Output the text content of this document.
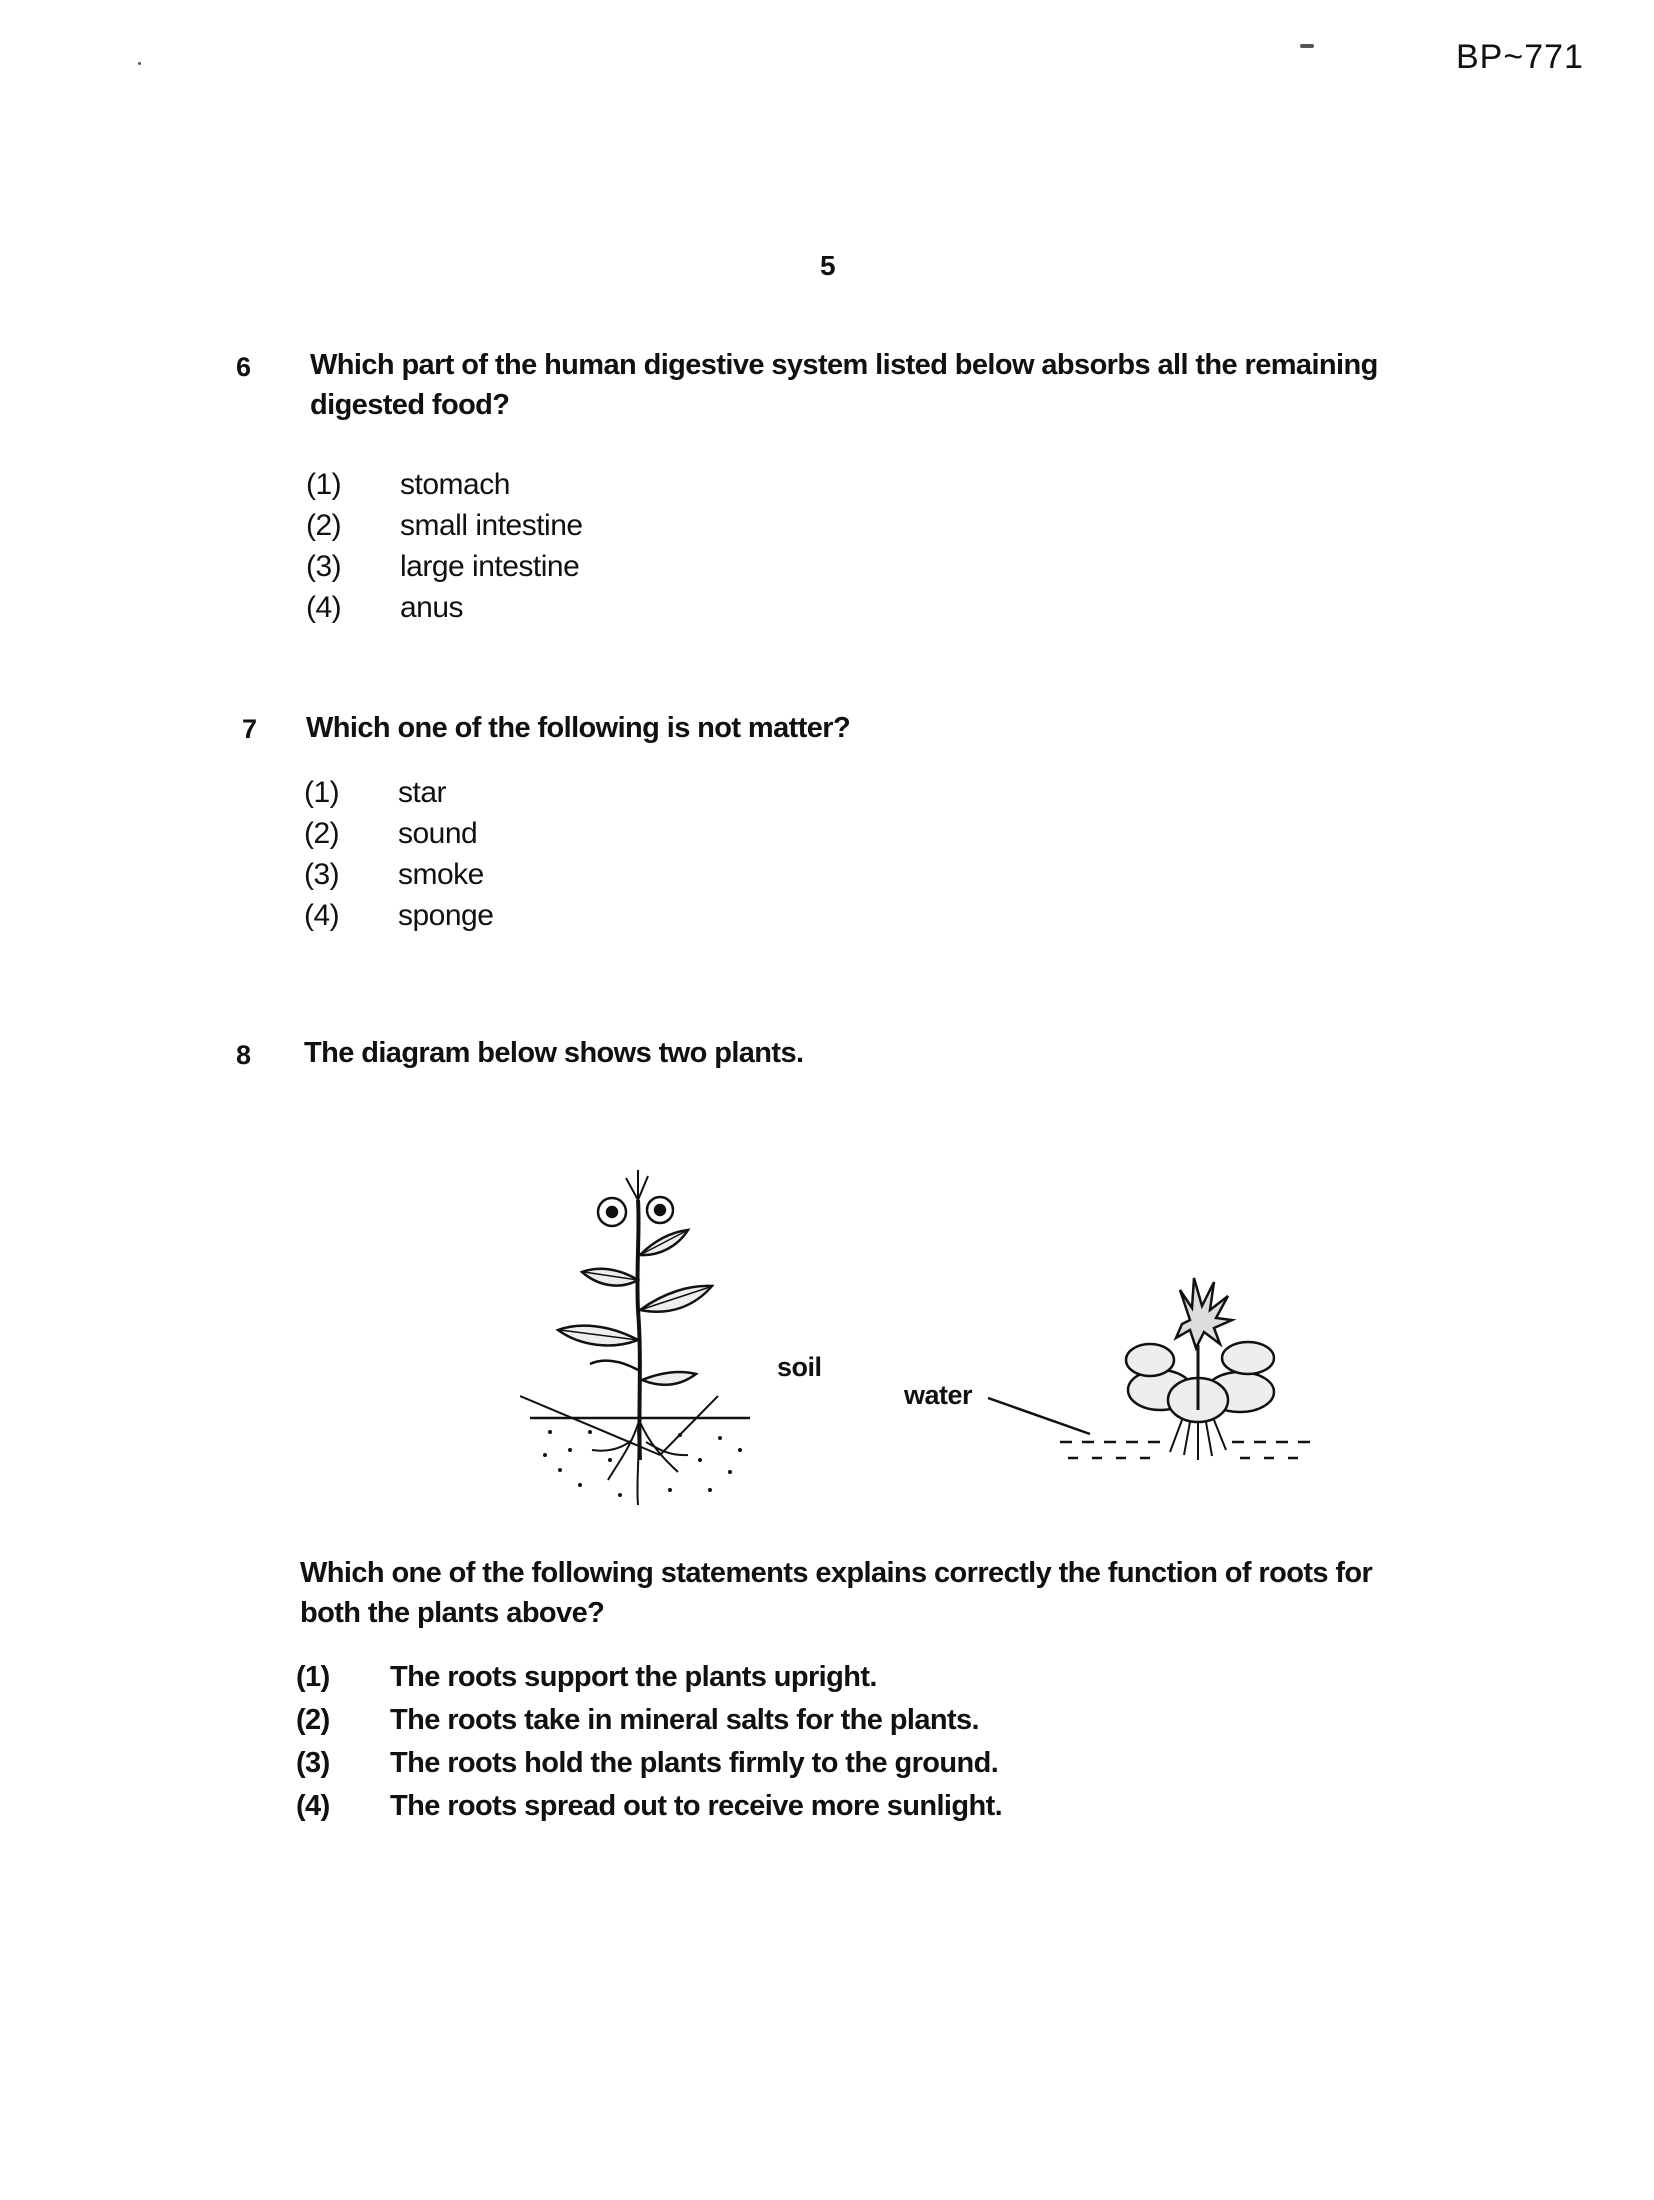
BP~771
5
6 Which part of the human digestive system listed below absorbs all the remaining digested food?
(1)	stomach
(2)	small intestine
(3)	large intestine
(4)	anus
7 Which one of the following is not matter?
(1)	star
(2)	sound
(3)	smoke
(4)	sponge
8 The diagram below shows two plants.
soil
water
Which one of the following statements explains correctly the function of roots for both the plants above?
(1)	The roots support the plants upright.
(2)	The roots take in mineral salts for the plants.
(3)	The roots hold the plants firmly to the ground.
(4)	The roots spread out to receive more sunlight.
